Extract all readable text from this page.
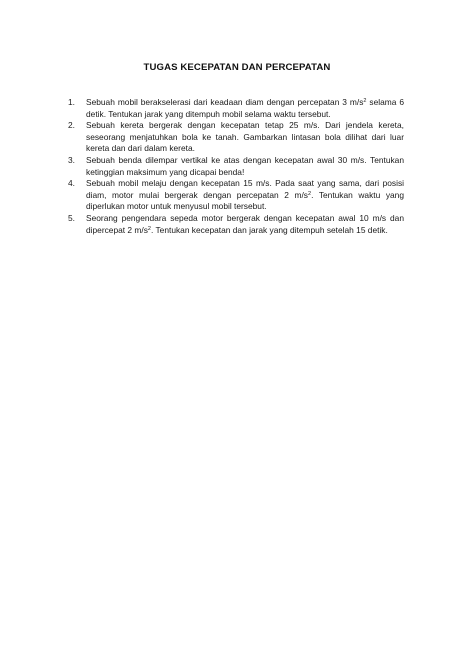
TUGAS KECEPATAN DAN PERCEPATAN
1.	Sebuah mobil berakselerasi dari keadaan diam dengan percepatan 3 $m/s^2$ selama 6 detik. Tentukan jarak yang ditempuh mobil selama waktu tersebut.
2.	Sebuah kereta bergerak dengan kecepatan tetap 25 m/s. Dari jendela kereta, seseorang menjatuhkan bola ke tanah. Gambarkan lintasan bola dilihat dari luar kereta dan dari dalam kereta.
3.	Sebuah benda dilempar vertikal ke atas dengan kecepatan awal 30 m/s. Tentukan ketinggian maksimum yang dicapai benda!
4.	Sebuah mobil melaju dengan kecepatan 15 m/s. Pada saat yang sama, dari posisi diam, motor mulai bergerak dengan percepatan 2 $m/s^2$. Tentukan waktu yang diperlukan motor untuk menyusul mobil tersebut.
5.	Seorang pengendara sepeda motor bergerak dengan kecepatan awal 10 m/s dan dipercepat 2 $m/s^2$. Tentukan kecepatan dan jarak yang ditempuh setelah 15 detik.
